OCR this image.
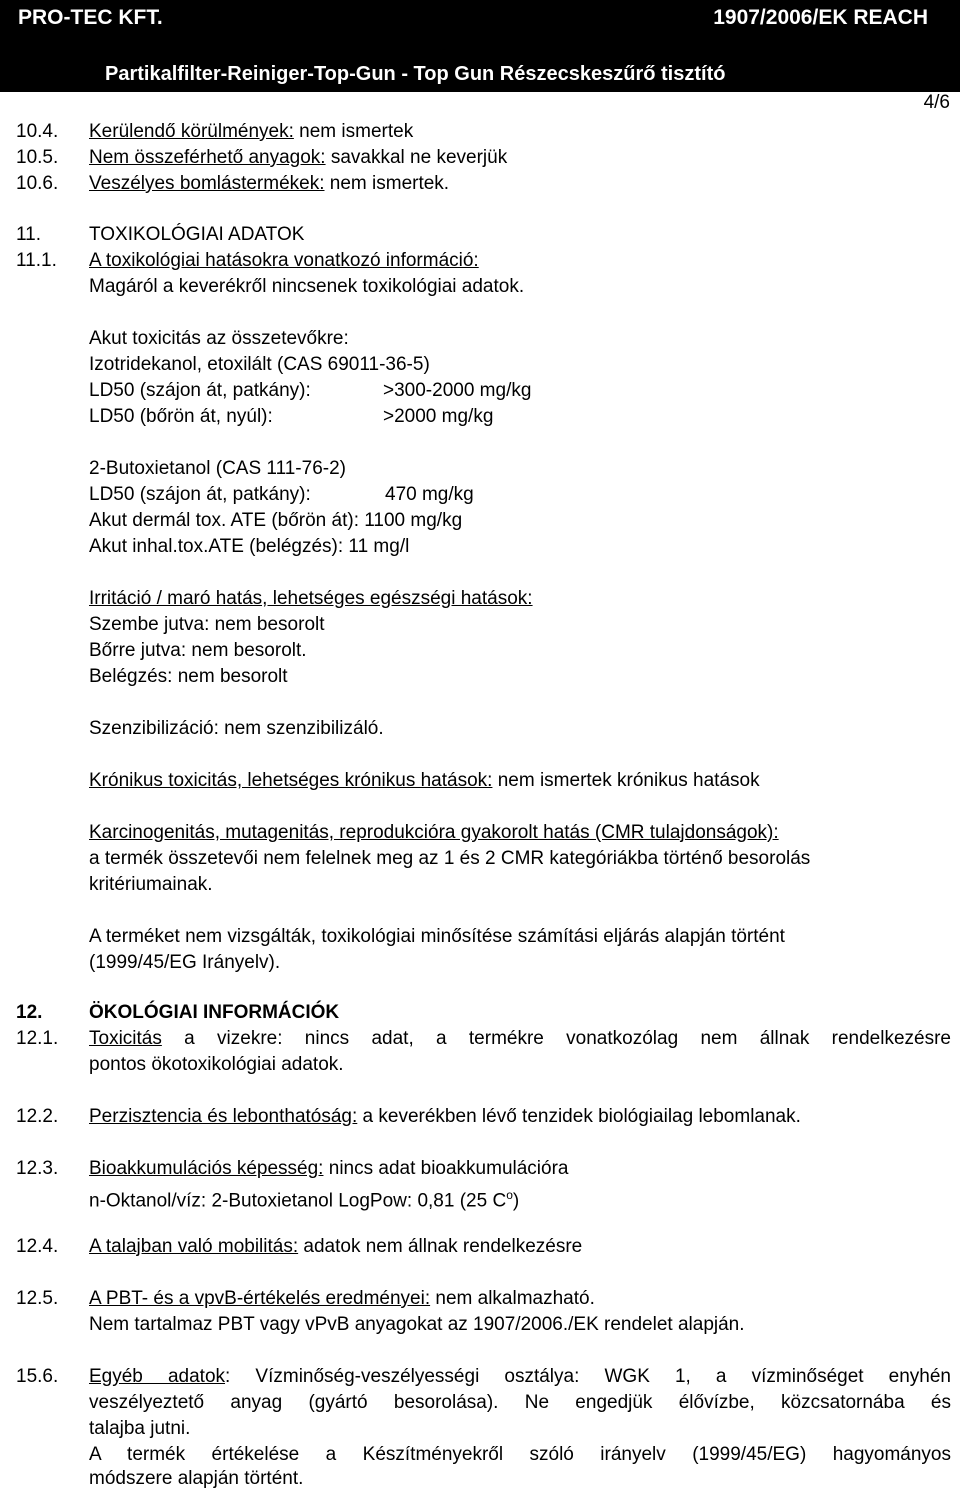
PRO-TEC KFT.	1907/2006/EK REACH
Partikalfilter-Reiniger-Top-Gun - Top Gun Részecskeszűrő tisztító
4/6
10.4. Kerülendő körülmények: nem ismertek
10.5. Nem összeférhető anyagok: savakkal ne keverjük
10.6. Veszélyes bomlástermékek: nem ismertek.
11.	TOXIKOLÓGIAI ADATOK
11.1. A toxikológiai hatásokra vonatkozó információ:
Magáról a keverékről nincsenek toxikológiai adatok.
Akut toxicitás az összetevőkre:
Izotridekanol, etoxilált (CAS 69011-36-5)
LD50 (szájon át, patkány):	>300-2000 mg/kg
LD50 (bőrön át, nyúl):	>2000 mg/kg
2-Butoxietanol (CAS 111-76-2)
LD50 (szájon át, patkány):	470 mg/kg
Akut dermál tox. ATE (bőrön át): 1100 mg/kg
Akut inhal.tox.ATE (belégzés): 11 mg/l
Irritáció / maró hatás, lehetséges egészségi hatások:
Szembe jutva: nem besorolt
Bőrre jutva: nem besorolt.
Belégzés: nem besorolt
Szenzibilizáció: nem szenzibilizáló.
Krónikus toxicitás, lehetséges krónikus hatások: nem ismertek krónikus hatások
Karcinogenitás, mutagenitás, reprodukcióra gyakorolt hatás (CMR tulajdonságok):
a termék összetevői nem felelnek meg az 1 és 2 CMR kategóriákba történő besorolás
kritériumainak.
A terméket nem vizsgálták, toxikológiai minősítése számítási eljárás alapján történt
(1999/45/EG Irányelv).
12. ÖKOLÓGIAI INFORMÁCIÓK
12.1. Toxicitás a vizekre: nincs adat, a termékre vonatkozólag nem állnak rendelkezésre
pontos ökotoxikológiai adatok.
12.2. Perzisztencia és lebonthatóság: a keverékben lévő tenzidek biológiailag lebomlanak.
12.3. Bioakkumulációs képesség: nincs adat bioakkumulációra
n-Oktanol/víz: 2-Butoxietanol LogPow: 0,81 (25 $C^o$)
12.4. A talajban való mobilitás: adatok nem állnak rendelkezésre
12.5. A PBT- és a vpvB-értékelés eredményei: nem alkalmazható.
Nem tartalmaz PBT vagy vPvB anyagokat az 1907/2006./EK rendelet alapján.
15.6. Egyéb adatok: Vízminőség-veszélyességi osztálya: WGK 1, a vízminőséget enyhén
veszélyeztető anyag (gyártó besorolása). Ne engedjük élővízbe, közcsatornába és
talajba jutni.
A termék értékelése a Készítményekről szóló irányelv (1999/45/EG) hagyományos
módszere alapján történt.
